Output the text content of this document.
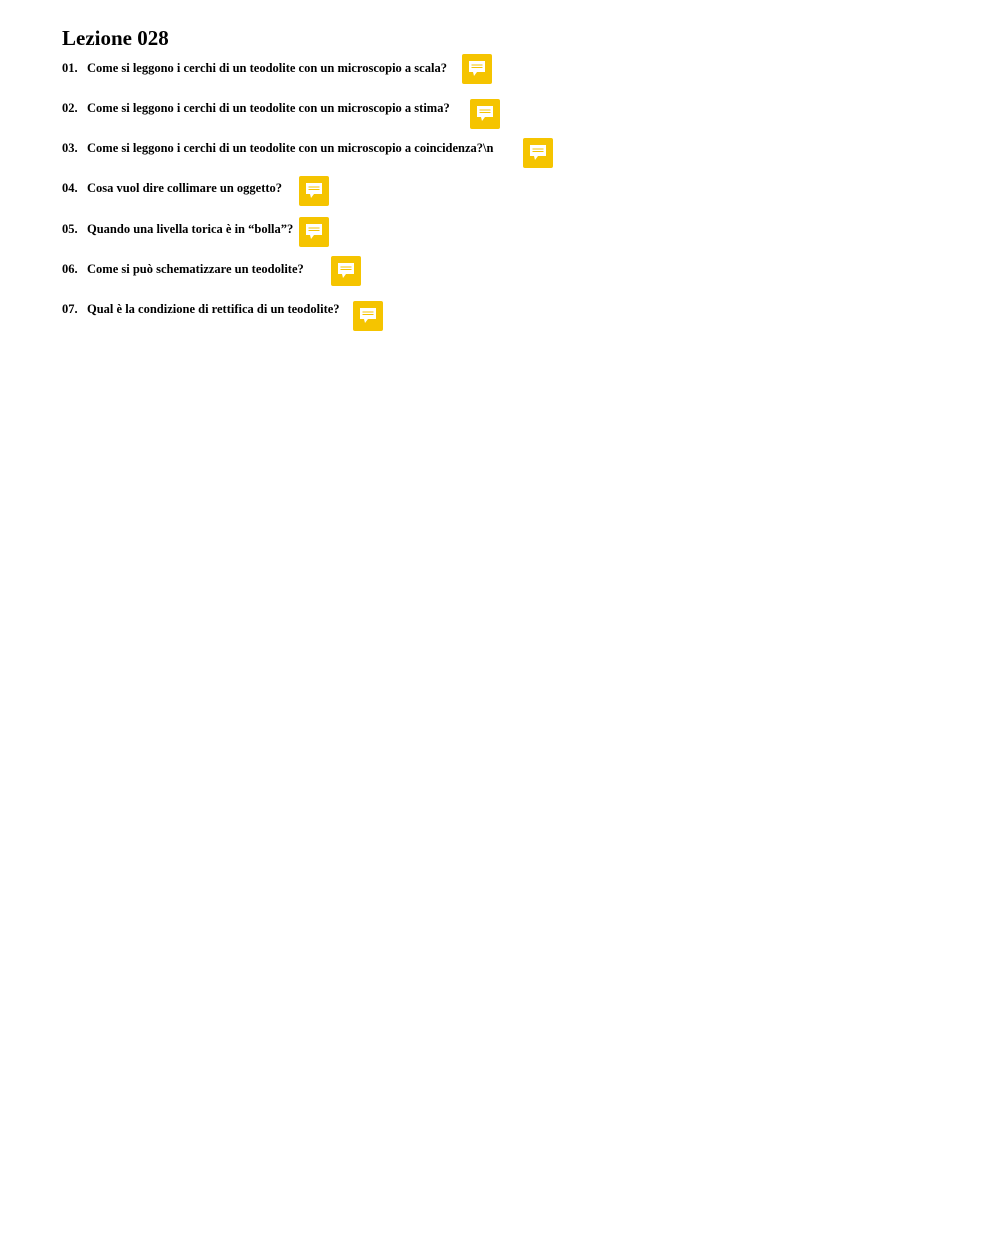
Lezione 028
01. Come si leggono i cerchi di un teodolite con un microscopio a scala?
02. Come si leggono i cerchi di un teodolite con un microscopio a stima?
03. Come si leggono i cerchi di un teodolite con un microscopio a coincidenza?\n
04. Cosa vuol dire collimare un oggetto?
05. Quando una livella torica è in “bolla”?
06. Come si può schematizzare un teodolite?
07. Qual è la condizione di rettifica di un teodolite?
